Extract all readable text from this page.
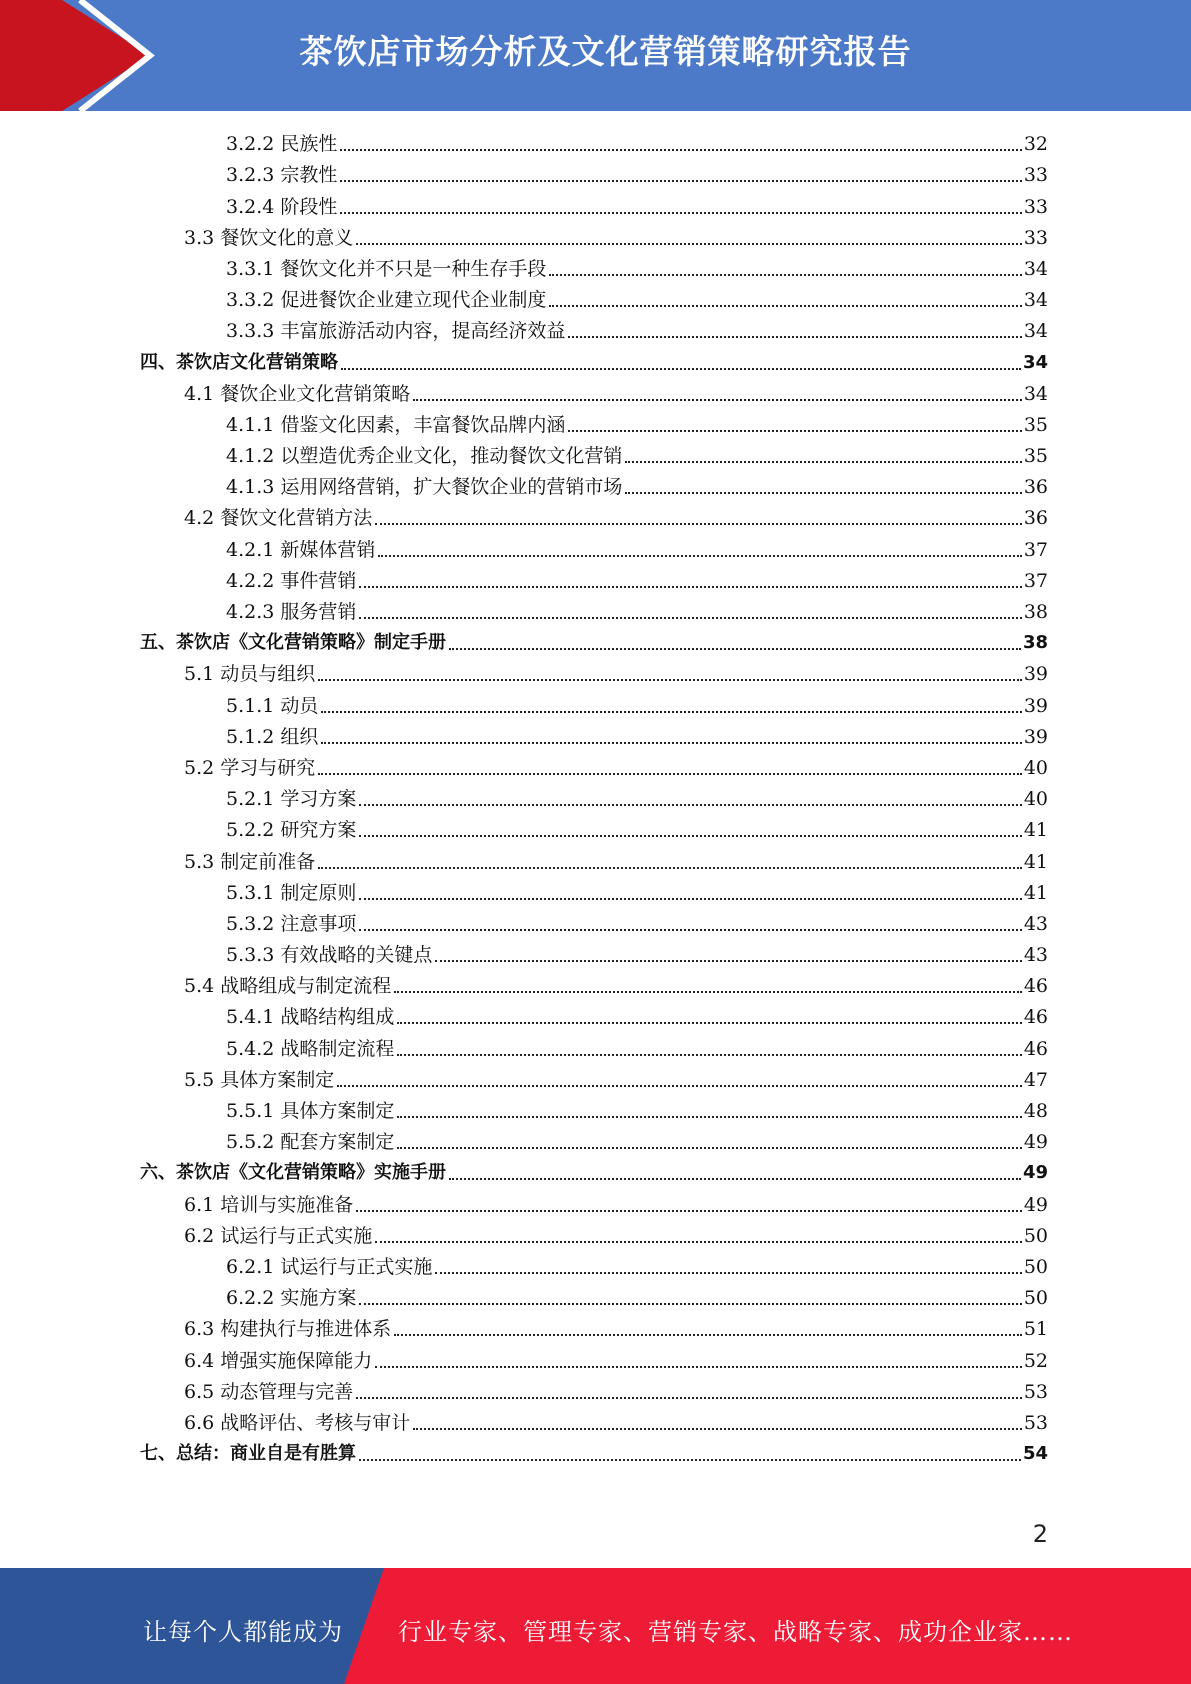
茶饮店市场分析及文化营销策略研究报告
3.2.2 民族性	32
3.2.3 宗教性	33
3.2.4 阶段性	33
3.3 餐饮文化的意义	33
3.3.1 餐饮文化并不只是一种生存手段	34
3.3.2 促进餐饮企业建立现代企业制度	34
3.3.3 丰富旅游活动内容，提高经济效益	34
四、茶饮店文化营销策略	34
4.1 餐饮企业文化营销策略	34
4.1.1 借鉴文化因素，丰富餐饮品牌内涵	35
4.1.2 以塑造优秀企业文化，推动餐饮文化营销	35
4.1.3 运用网络营销，扩大餐饮企业的营销市场	36
4.2 餐饮文化营销方法	36
4.2.1 新媒体营销	37
4.2.2 事件营销	37
4.2.3 服务营销	38
五、茶饮店《文化营销策略》制定手册	38
5.1 动员与组织	39
5.1.1 动员	39
5.1.2 组织	39
5.2 学习与研究	40
5.2.1 学习方案	40
5.2.2 研究方案	41
5.3 制定前准备	41
5.3.1 制定原则	41
5.3.2 注意事项	43
5.3.3 有效战略的关键点	43
5.4 战略组成与制定流程	46
5.4.1 战略结构组成	46
5.4.2 战略制定流程	46
5.5 具体方案制定	47
5.5.1 具体方案制定	48
5.5.2 配套方案制定	49
六、茶饮店《文化营销策略》实施手册	49
6.1 培训与实施准备	49
6.2 试运行与正式实施	50
6.2.1 试运行与正式实施	50
6.2.2 实施方案	50
6.3 构建执行与推进体系	51
6.4 增强实施保障能力	52
6.5 动态管理与完善	53
6.6 战略评估、考核与审计	53
七、总结：商业自是有胜算	54
2
让每个人都能成为 行业专家、管理专家、营销专家、战略专家、成功企业家……
